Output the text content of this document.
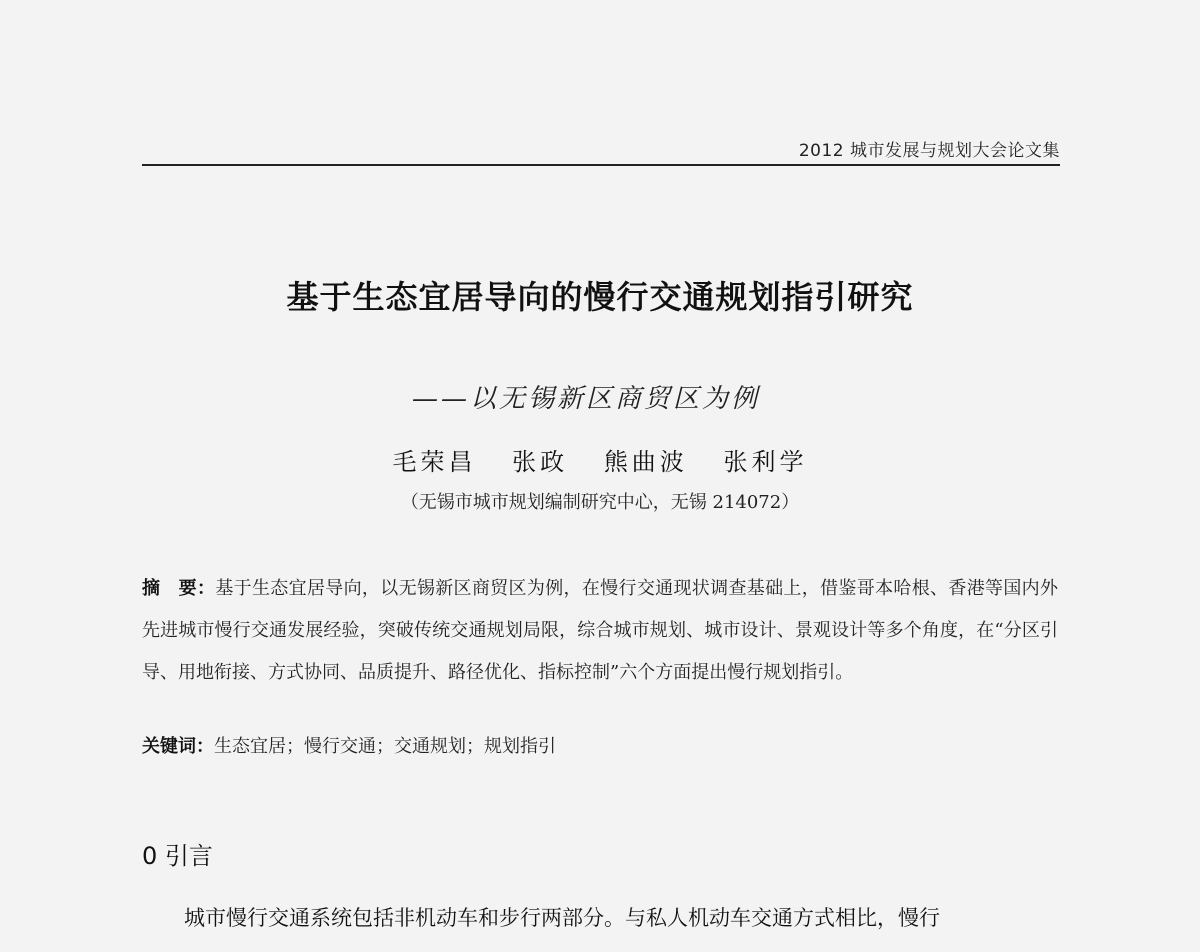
2012 城市发展与规划大会论文集
基于生态宜居导向的慢行交通规划指引研究
——以无锡新区商贸区为例
毛荣昌 张政 熊曲波 张利学
（无锡市城市规划编制研究中心，无锡 214072）
摘　要：基于生态宜居导向，以无锡新区商贸区为例，在慢行交通现状调查基础上，借鉴哥本哈根、香港等国内外先进城市慢行交通发展经验，突破传统交通规划局限，综合城市规划、城市设计、景观设计等多个角度，在“分区引导、用地衔接、方式协同、品质提升、路径优化、指标控制”六个方面提出慢行规划指引。
关键词：生态宜居；慢行交通；交通规划；规划指引
0 引言
城市慢行交通系统包括非机动车和步行两部分。与私人机动车交通方式相比，慢行
